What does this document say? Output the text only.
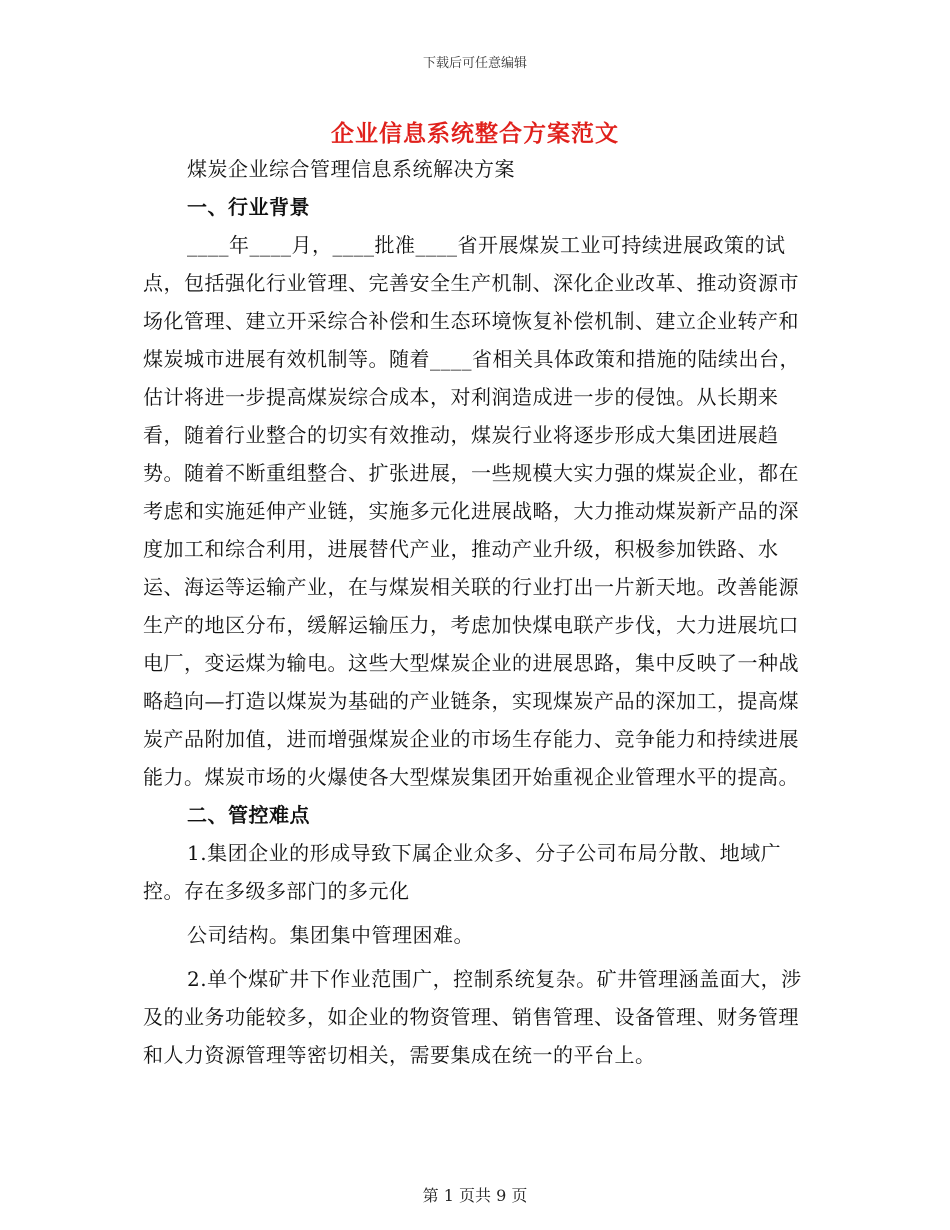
下载后可任意编辑
企业信息系统整合方案范文

煤炭企业综合管理信息系统解决方案

一、行业背景

____年____月，____批准____省开展煤炭工业可持续进展政策的试点，包括强化行业管理、完善安全生产机制、深化企业改革、推动资源市场化管理、建立开采综合补偿和生态环境恢复补偿机制、建立企业转产和煤炭城市进展有效机制等。随着____省相关具体政策和措施的陆续出台，估计将进一步提高煤炭综合成本，对利润造成进一步的侵蚀。从长期来看，随着行业整合的切实有效推动，煤炭行业将逐步形成大集团进展趋势。随着不断重组整合、扩张进展，一些规模大实力强的煤炭企业，都在考虑和实施延伸产业链，实施多元化进展战略，大力推动煤炭新产品的深度加工和综合利用，进展替代产业，推动产业升级，积极参加铁路、水运、海运等运输产业，在与煤炭相关联的行业打出一片新天地。改善能源生产的地区分布，缓解运输压力，考虑加快煤电联产步伐，大力进展坑口电厂，变运煤为输电。这些大型煤炭企业的进展思路，集中反映了一种战略趋向—打造以煤炭为基础的产业链条，实现煤炭产品的深加工，提高煤炭产品附加值，进而增强煤炭企业的市场生存能力、竞争能力和持续进展能力。煤炭市场的火爆使各大型煤炭集团开始重视企业管理水平的提高。

二、管控难点

1.集团企业的形成导致下属企业众多、分子公司布局分散、地域广控。存在多级多部门的多元化

公司结构。集团集中管理困难。

2.单个煤矿井下作业范围广，控制系统复杂。矿井管理涵盖面大，涉及的业务功能较多，如企业的物资管理、销售管理、设备管理、财务管理和人力资源管理等密切相关，需要集成在统一的平台上。

第 1 页共 9 页
